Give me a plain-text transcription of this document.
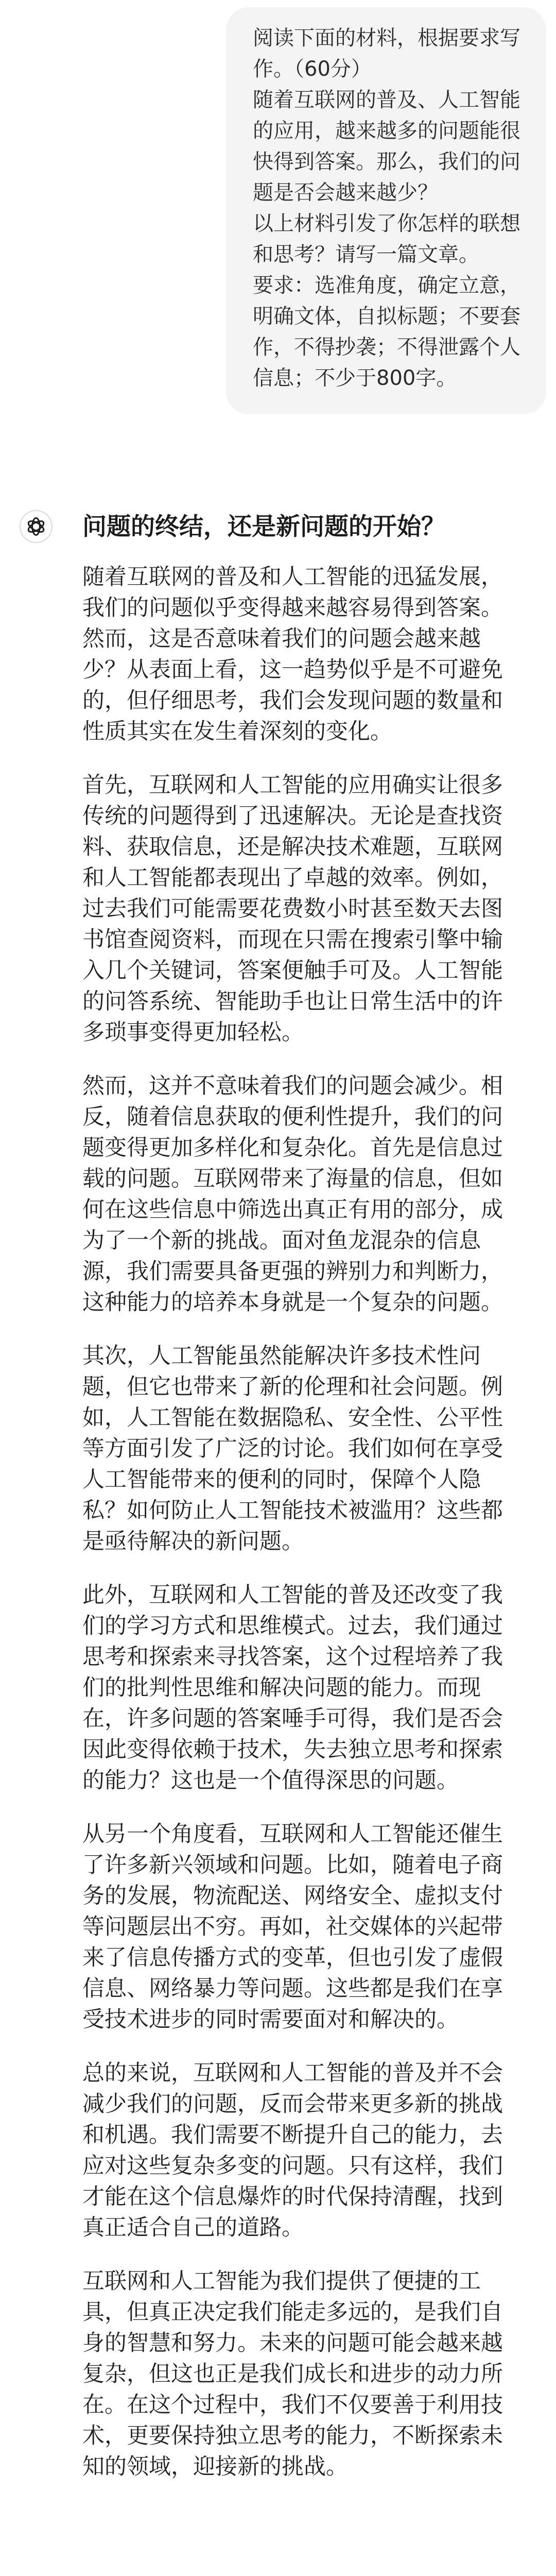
阅读下面的材料，根据要求写
作。（60分）
随着互联网的普及、人工智能
的应用，越来越多的问题能很
快得到答案。那么，我们的问
题是否会越来越少？
以上材料引发了你怎样的联想
和思考？请写一篇文章。
要求：选准角度，确定立意，
明确文体，自拟标题；不要套
作，不得抄袭；不得泄露个人
信息；不少于800字。
问题的终结，还是新问题的开始？
随着互联网的普及和人工智能的迅猛发展，
我们的问题似乎变得越来越容易得到答案。
然而，这是否意味着我们的问题会越来越
少？从表面上看，这一趋势似乎是不可避免
的，但仔细思考，我们会发现问题的数量和
性质其实在发生着深刻的变化。
首先，互联网和人工智能的应用确实让很多
传统的问题得到了迅速解决。无论是查找资
料、获取信息，还是解决技术难题，互联网
和人工智能都表现出了卓越的效率。例如，
过去我们可能需要花费数小时甚至数天去图
书馆查阅资料，而现在只需在搜索引擎中输
入几个关键词，答案便触手可及。人工智能
的问答系统、智能助手也让日常生活中的许
多琐事变得更加轻松。
然而，这并不意味着我们的问题会减少。相
反，随着信息获取的便利性提升，我们的问
题变得更加多样化和复杂化。首先是信息过
载的问题。互联网带来了海量的信息，但如
何在这些信息中筛选出真正有用的部分，成
为了一个新的挑战。面对鱼龙混杂的信息
源，我们需要具备更强的辨别力和判断力，
这种能力的培养本身就是一个复杂的问题。
其次，人工智能虽然能解决许多技术性问
题，但它也带来了新的伦理和社会问题。例
如，人工智能在数据隐私、安全性、公平性
等方面引发了广泛的讨论。我们如何在享受
人工智能带来的便利的同时，保障个人隐
私？如何防止人工智能技术被滥用？这些都
是亟待解决的新问题。
此外，互联网和人工智能的普及还改变了我
们的学习方式和思维模式。过去，我们通过
思考和探索来寻找答案，这个过程培养了我
们的批判性思维和解决问题的能力。而现
在，许多问题的答案唾手可得，我们是否会
因此变得依赖于技术，失去独立思考和探索
的能力？这也是一个值得深思的问题。
从另一个角度看，互联网和人工智能还催生
了许多新兴领域和问题。比如，随着电子商
务的发展，物流配送、网络安全、虚拟支付
等问题层出不穷。再如，社交媒体的兴起带
来了信息传播方式的变革，但也引发了虚假
信息、网络暴力等问题。这些都是我们在享
受技术进步的同时需要面对和解决的。
总的来说，互联网和人工智能的普及并不会
减少我们的问题，反而会带来更多新的挑战
和机遇。我们需要不断提升自己的能力，去
应对这些复杂多变的问题。只有这样，我们
才能在这个信息爆炸的时代保持清醒，找到
真正适合自己的道路。
互联网和人工智能为我们提供了便捷的工
具，但真正决定我们能走多远的，是我们自
身的智慧和努力。未来的问题可能会越来越
复杂，但这也正是我们成长和进步的动力所
在。在这个过程中，我们不仅要善于利用技
术，更要保持独立思考的能力，不断探索未
知的领域，迎接新的挑战。
